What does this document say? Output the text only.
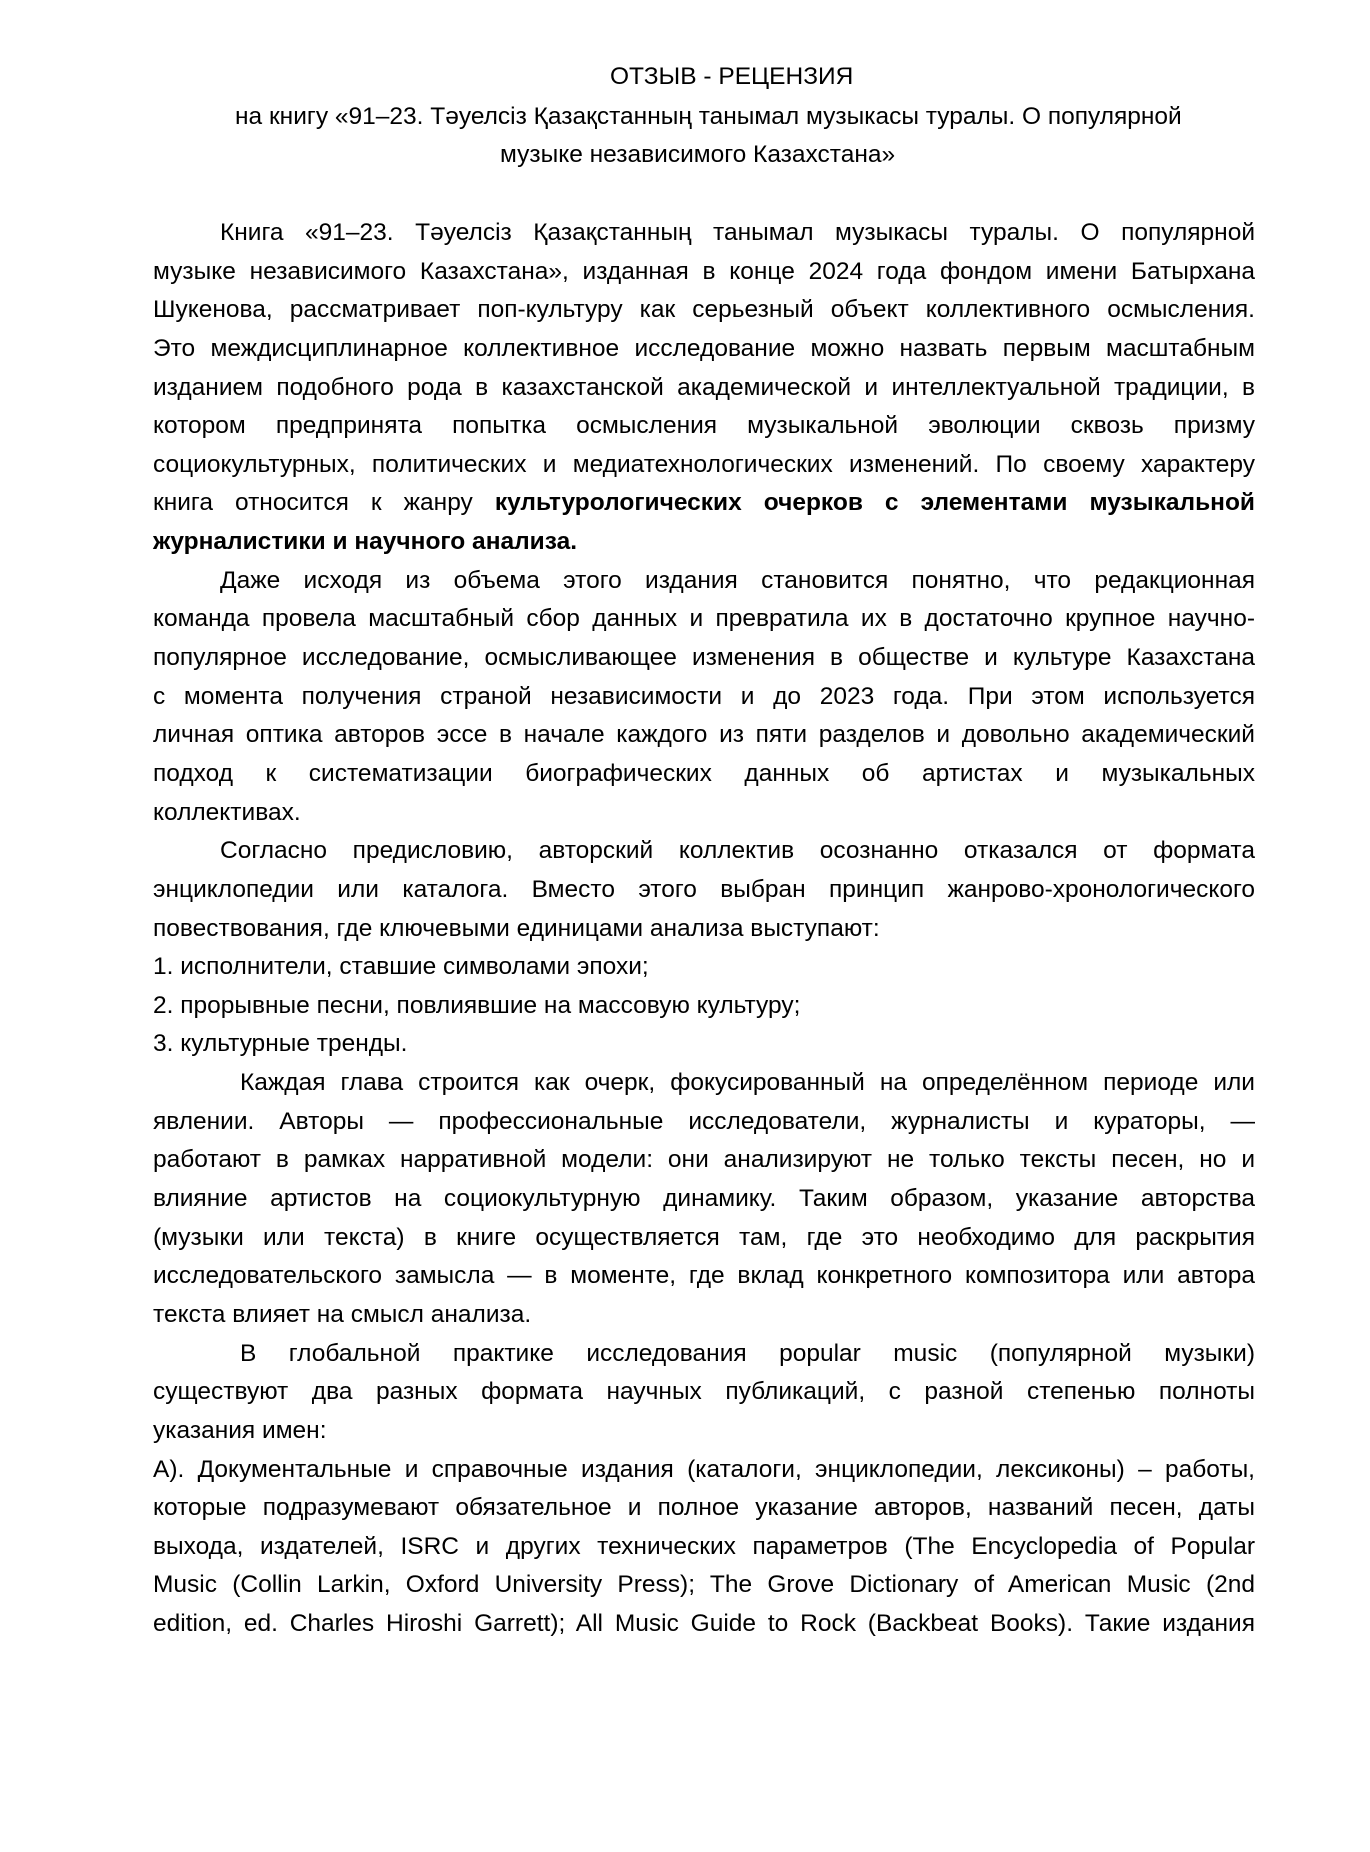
ОТЗЫВ - РЕЦЕНЗИЯ
на книгу «91–23. Тәуелсіз Қазақстанның танымал музыкасы туралы. О популярной
музыке независимого Казахстана»
Книга «91–23. Тәуелсіз Қазақстанның танымал музыкасы туралы. О популярной
музыке независимого Казахстана», изданная в конце 2024 года фондом имени Батырхана
Шукенова, рассматривает поп-культуру как серьезный объект коллективного осмысления.
Это междисциплинарное коллективное исследование можно назвать первым масштабным
изданием подобного рода в казахстанской академической и интеллектуальной традиции, в
котором предпринята попытка осмысления музыкальной эволюции сквозь призму
социокультурных, политических и медиатехнологических изменений. По своему характеру
книга относится к жанру культурологических очерков с элементами музыкальной
журналистики и научного анализа.
Даже исходя из объема этого издания становится понятно, что редакционная
команда провела масштабный сбор данных и превратила их в достаточно крупное научно-
популярное исследование, осмысливающее изменения в обществе и культуре Казахстана
с момента получения страной независимости и до 2023 года. При этом используется
личная оптика авторов эссе в начале каждого из пяти разделов и довольно академический
подход к систематизации биографических данных об артистах и музыкальных
коллективах.
Согласно предисловию, авторский коллектив осознанно отказался от формата
энциклопедии или каталога. Вместо этого выбран принцип жанрово-хронологического
повествования, где ключевыми единицами анализа выступают:
1. исполнители, ставшие символами эпохи;
2. прорывные песни, повлиявшие на массовую культуру;
3. культурные тренды.
Каждая глава строится как очерк, фокусированный на определённом периоде или
явлении. Авторы — профессиональные исследователи, журналисты и кураторы, —
работают в рамках нарративной модели: они анализируют не только тексты песен, но и
влияние артистов на социокультурную динамику. Таким образом, указание авторства
(музыки или текста) в книге осуществляется там, где это необходимо для раскрытия
исследовательского замысла — в моменте, где вклад конкретного композитора или автора
текста влияет на смысл анализа.
В глобальной практике исследования popular music (популярной музыки)
существуют два разных формата научных публикаций, с разной степенью полноты
указания имен:
А). Документальные и справочные издания (каталоги, энциклопедии, лексиконы) – работы,
которые подразумевают обязательное и полное указание авторов, названий песен, даты
выхода, издателей, ISRC и других технических параметров (The Encyclopedia of Popular
Music (Collin Larkin, Oxford University Press); The Grove Dictionary of American Music (2nd
edition, ed. Charles Hiroshi Garrett); All Music Guide to Rock (Backbeat Books). Такие издания
